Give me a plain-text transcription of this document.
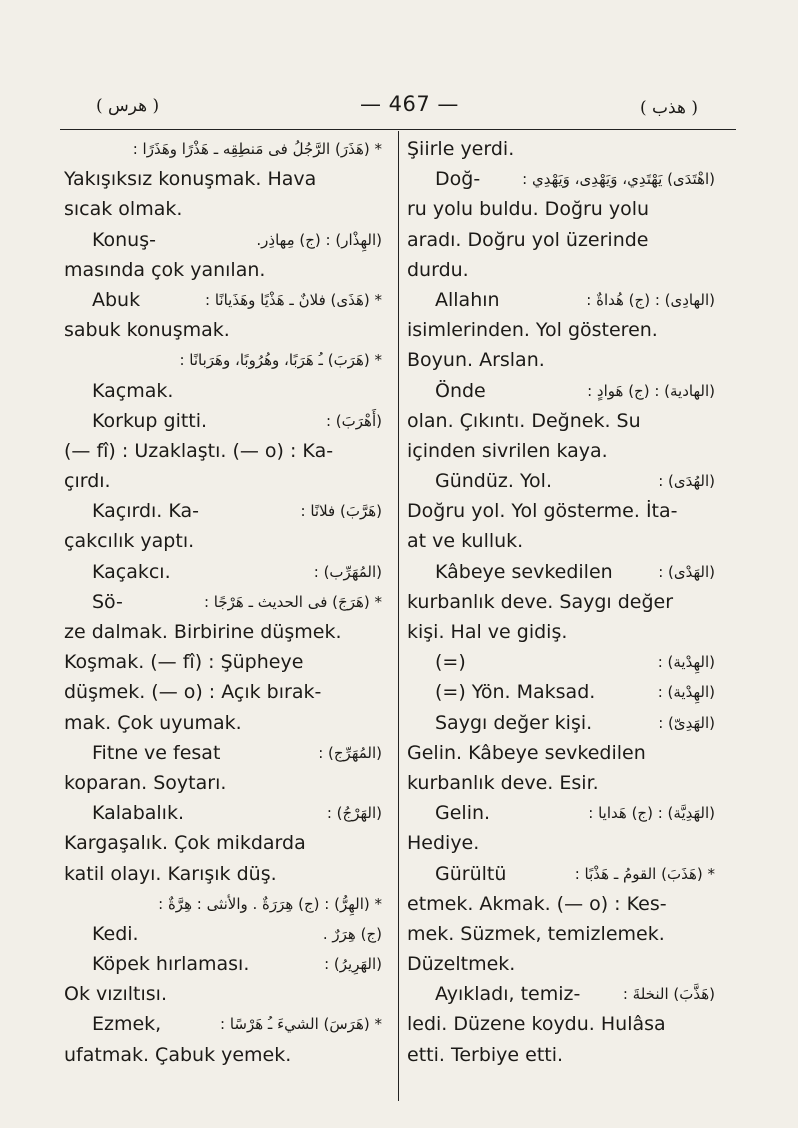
( هرس )	— 467 —	( هذب )
* (هَذَرَ) الرَّجُلُ فى مَنطِقِه ـ هَذْرًا وهَذَرًا :
Yakışıksız konuşmak. Hava
sıcak olmak.
Konuş-	(الهِذْار) : (ج) مِهاذِر.
masında çok yanılan.
Abuk	* (هَذَى) فلانٌ ـ هَذْيًا وهَذَيانًا :
sabuk konuşmak.
* (هَرَبَ) ـُ هَرَبًا، وهُرُوبًا، وهَرَبانًا :
Kaçmak.
Korkup gitti.	(أَهْرَبَ) :
(— fî) : Uzaklaştı. (— o) : Ka-
çırdı.
Kaçırdı. Ka-	(هَرَّبَ) فلانًا :
çakcılık yaptı.
Kaçakcı.	(المُهَرِّب) :
Sö-	* (هَرَجَ) فى الحديث ـ هَرْجًا :
ze dalmak. Birbirine düşmek.
Koşmak. (— fî) : Şüpheye
düşmek. (— o) : Açık bırak-
mak. Çok uyumak.
Fitne ve fesat	(المُهَرِّج) :
koparan. Soytarı.
Kalabalık.	(الهَرْجُ) :
Kargaşalık. Çok mikdarda
katil olayı. Karışık düş.
* (الهِرُّ) : (ج) هِرَرَةٌ . والأنثى : هِرَّةٌ :
Kedi.	(ج) هِرَرٌ .
Köpek hırlaması.	(الهَرِيرُ) :
Ok vızıltısı.
Ezmek,	* (هَرَسَ) الشيءَ ـُ هَرْسًا :
ufatmak. Çabuk yemek.
Şiirle yerdi.
Doğ-	(اهْتَدَى) يَهْتَدِي، وَيَهْدِى، وَيَهْدِي :
ru yolu buldu. Doğru yolu
aradı. Doğru yol üzerinde
durdu.
Allahın	(الهادِى) : (ج) هُداةٌ :
isimlerinden. Yol gösteren.
Boyun. Arslan.
Önde	(الهادية) : (ج) هَوادٍ :
olan. Çıkıntı. Değnek. Su
içinden sivrilen kaya.
Gündüz. Yol.	(الهُدَى) :
Doğru yol. Yol gösterme. İta-
at ve kulluk.
Kâbeye sevkedilen	(الهَدْى) :
kurbanlık deve. Saygı değer
kişi. Hal ve gidiş.
(=)	(الهِدْية) :
(=) Yön. Maksad.	(الهِدْية) :
Saygı değer kişi.	(الهَدِىّ) :
Gelin. Kâbeye sevkedilen
kurbanlık deve. Esir.
Gelin.	(الهَدِيَّة) : (ج) هَدايا :
Hediye.
Gürültü	* (هَذَبَ) القومُ ـ هَذْبًا :
etmek. Akmak. (— o) : Kes-
mek. Süzmek, temizlemek.
Düzeltmek.
Ayıkladı, temiz-	(هَذَّبَ) النخلةَ :
ledi. Düzene koydu. Hulâsa
etti. Terbiye etti.
